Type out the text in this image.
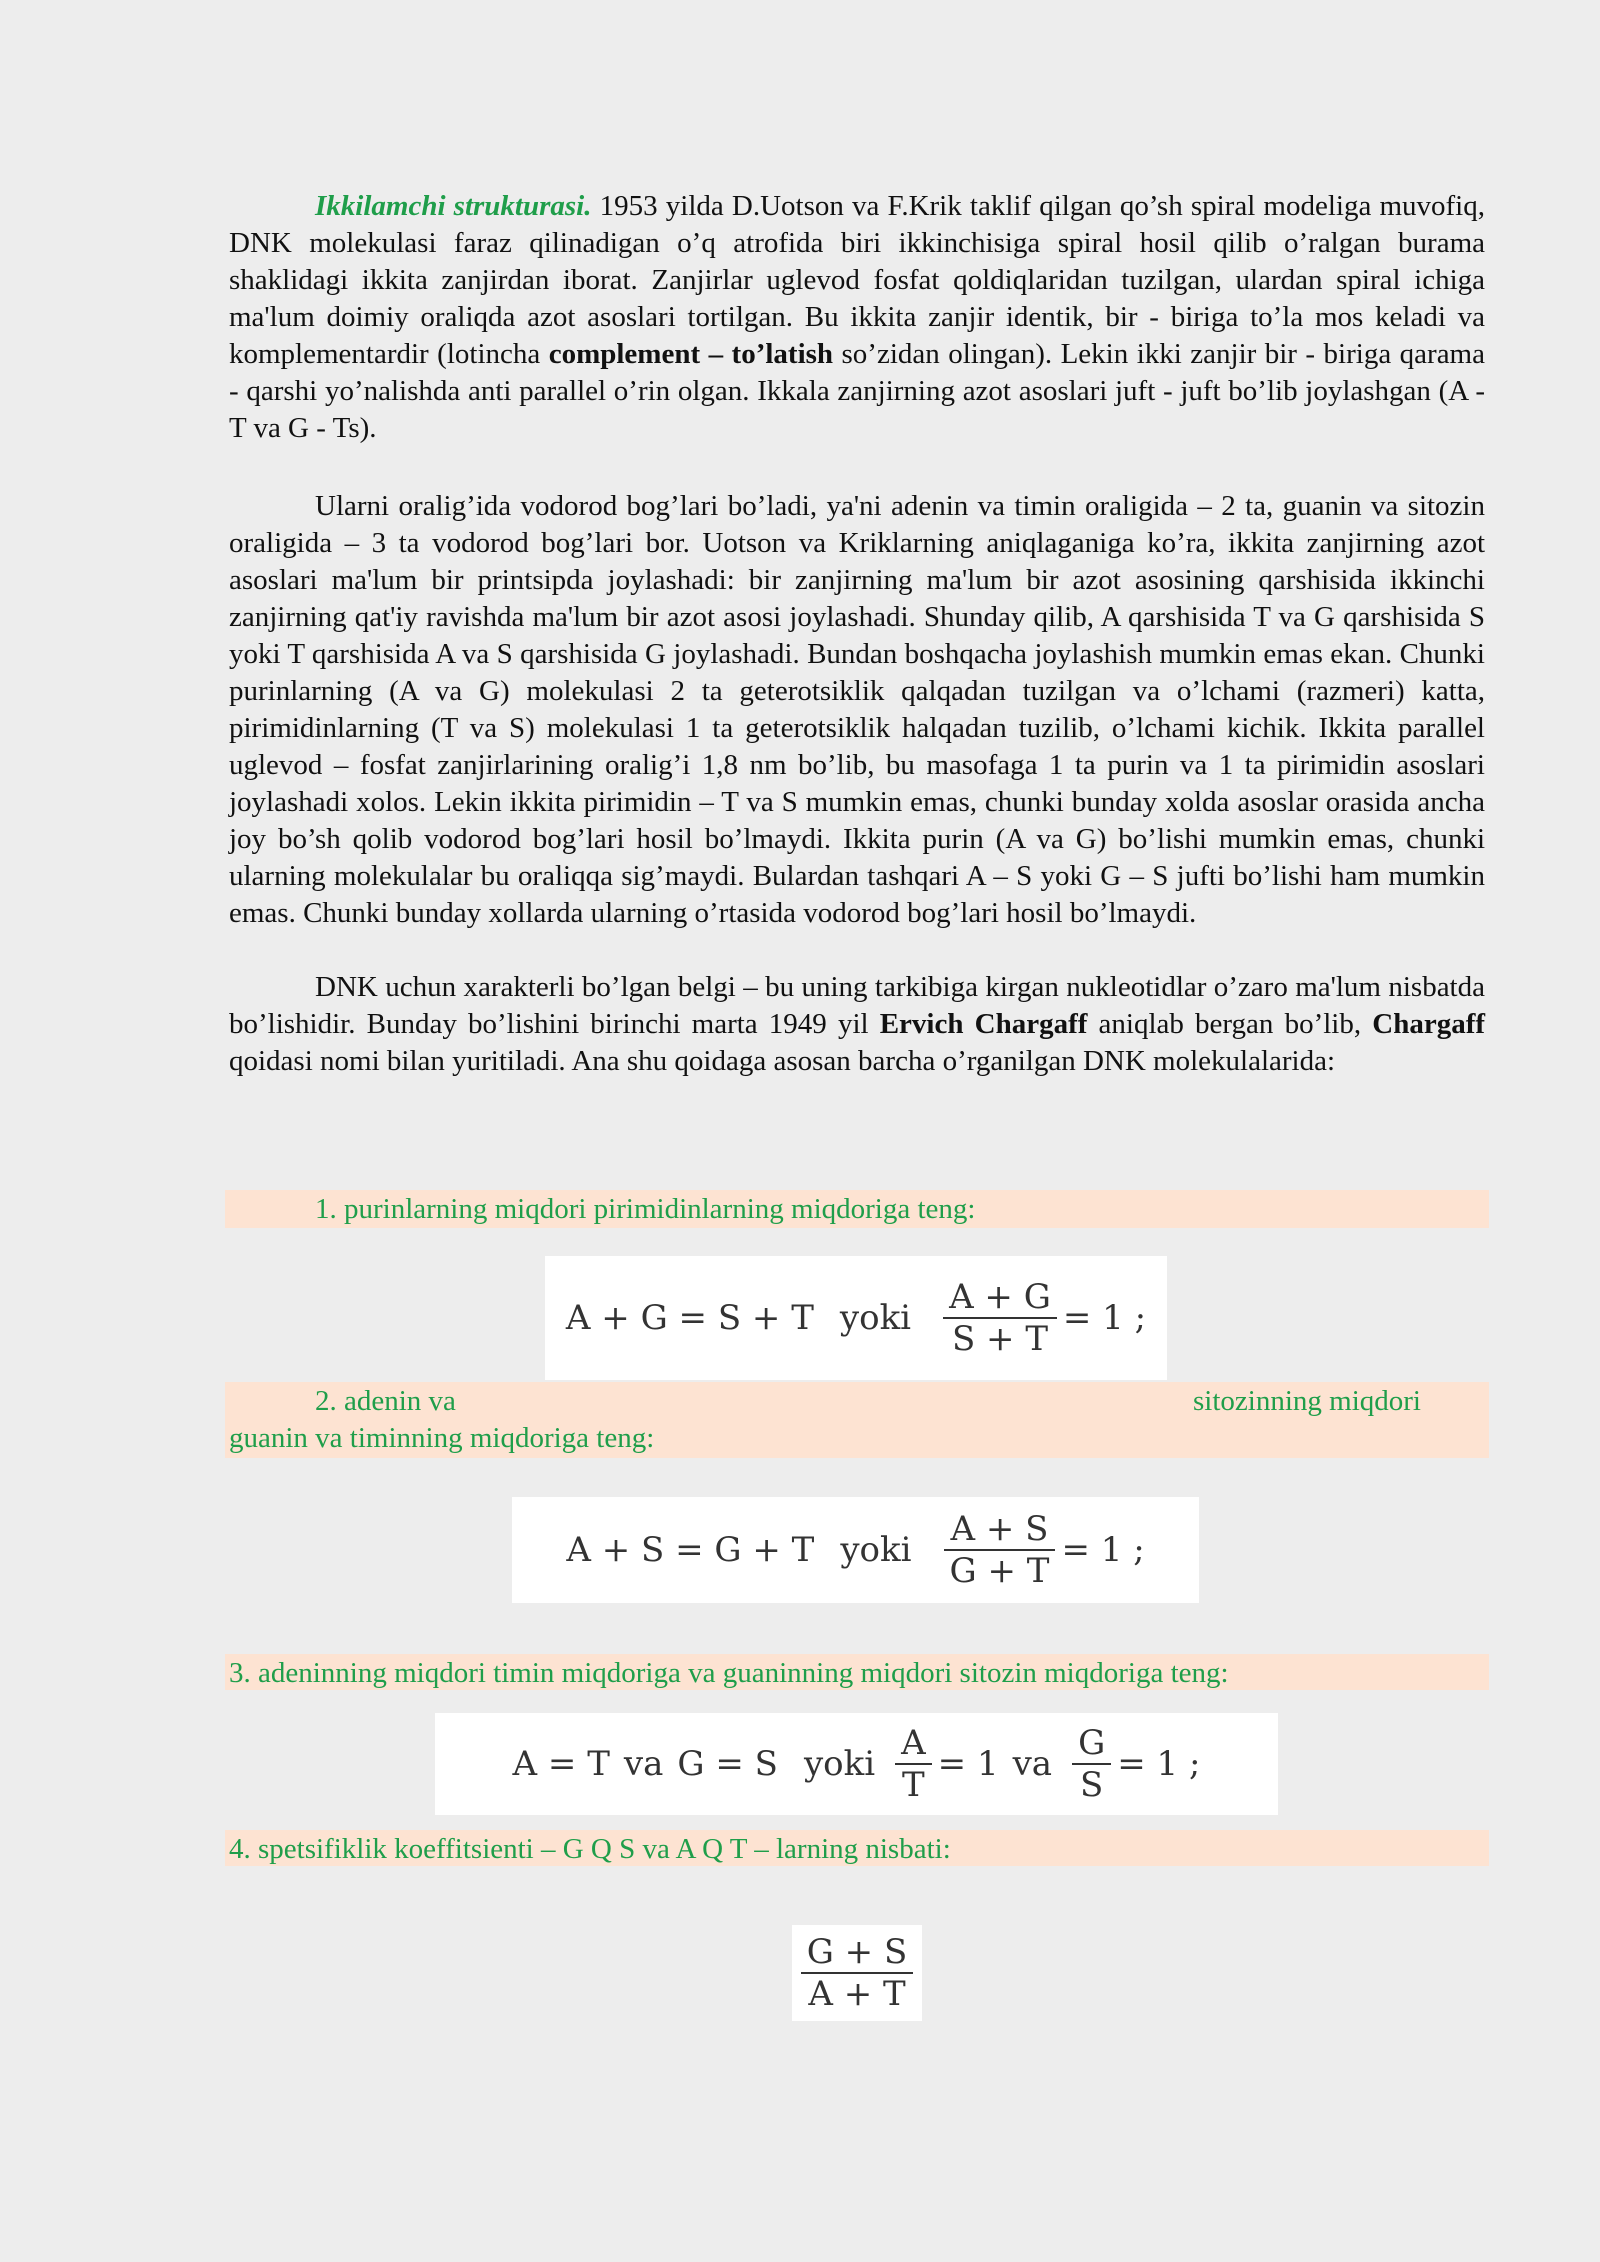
Ikkilamchi strukturasi. 1953 yilda D.Uotson va F.Krik taklif qilgan qo’sh spiral modeliga muvofiq, DNK molekulasi faraz qilinadigan o’q atrofida biri ikkinchisiga spiral hosil qilib o’ralgan burama shaklidagi ikkita zanjirdan iborat. Zanjirlar uglevod fosfat qoldiqlaridan tuzilgan, ulardan spiral ichiga ma'lum doimiy oraliqda azot asoslari tortilgan. Bu ikkita zanjir identik, bir - biriga to’la mos keladi va komplementardir (lotincha complement – to’latish so’zidan olingan). Lekin ikki zanjir bir - biriga qarama - qarshi yo’nalishda anti parallel o’rin olgan. Ikkala zanjirning azot asoslari juft - juft bo’lib joylashgan (A - T va G - Ts).

Ularni oralig’ida vodorod bog’lari bo’ladi, ya'ni adenin va timin oraligida – 2 ta, guanin va sitozin oraligida – 3 ta vodorod bog’lari bor. Uotson va Kriklarning aniqlaganiga ko’ra, ikkita zanjirning azot asoslari ma'lum bir printsipda joylashadi: bir zanjirning ma'lum bir azot asosining qarshisida ikkinchi zanjirning qat'iy ravishda ma'lum bir azot asosi joylashadi. Shunday qilib, A qarshisida T va G qarshisida S yoki T qarshisida A va S qarshisida G joylashadi. Bundan boshqacha joylashish mumkin emas ekan. Chunki purinlarning (A va G) molekulasi 2 ta geterotsiklik qalqadan tuzilgan va o’lchami (razmeri) katta, pirimidinlarning (T va S) molekulasi 1 ta geterotsiklik halqadan tuzilib, o’lchami kichik. Ikkita parallel uglevod – fosfat zanjirlarining oralig’i 1,8 nm bo’lib, bu masofaga 1 ta purin va 1 ta pirimidin asoslari joylashadi xolos. Lekin ikkita pirimidin – T va S mumkin emas, chunki bunday xolda asoslar orasida ancha joy bo’sh qolib vodorod bog’lari hosil bo’lmaydi. Ikkita purin (A va G) bo’lishi mumkin emas, chunki ularning molekulalar bu oraliqqa sig’maydi. Bulardan tashqari A – S yoki G – S jufti bo’lishi ham mumkin emas. Chunki bunday xollarda ularning o’rtasida vodorod bog’lari hosil bo’lmaydi.

DNK uchun xarakterli bo’lgan belgi – bu uning tarkibiga kirgan nukleotidlar o’zaro ma'lum nisbatda bo’lishidir. Bunday bo’lishini birinchi marta 1949 yil Ervich Chargaff aniqlab bergan bo’lib, Chargaff qoidasi nomi bilan yuritiladi. Ana shu qoidaga asosan barcha o’rganilgan DNK molekulalarida:

1. purinlarning miqdori pirimidinlarning miqdoriga teng:
A + G = S + T yoki $\frac{A + G}{S + T} = 1$ ;
2. adenin va	sitozinning miqdori
guanin va timinning miqdoriga teng:
A + S = G + T yoki $\frac{A + S}{G + T} = 1$ ;
3. adeninning miqdori timin miqdoriga va guaninning miqdori sitozin miqdoriga teng:
A = T va G = S yoki $\frac{A}{T} = 1$ va $\frac{G}{S} = 1$ ;
4. spetsifiklik koeffitsienti – G Q S va A Q T – larning nisbati:
$\frac{G + S}{A + T}$
